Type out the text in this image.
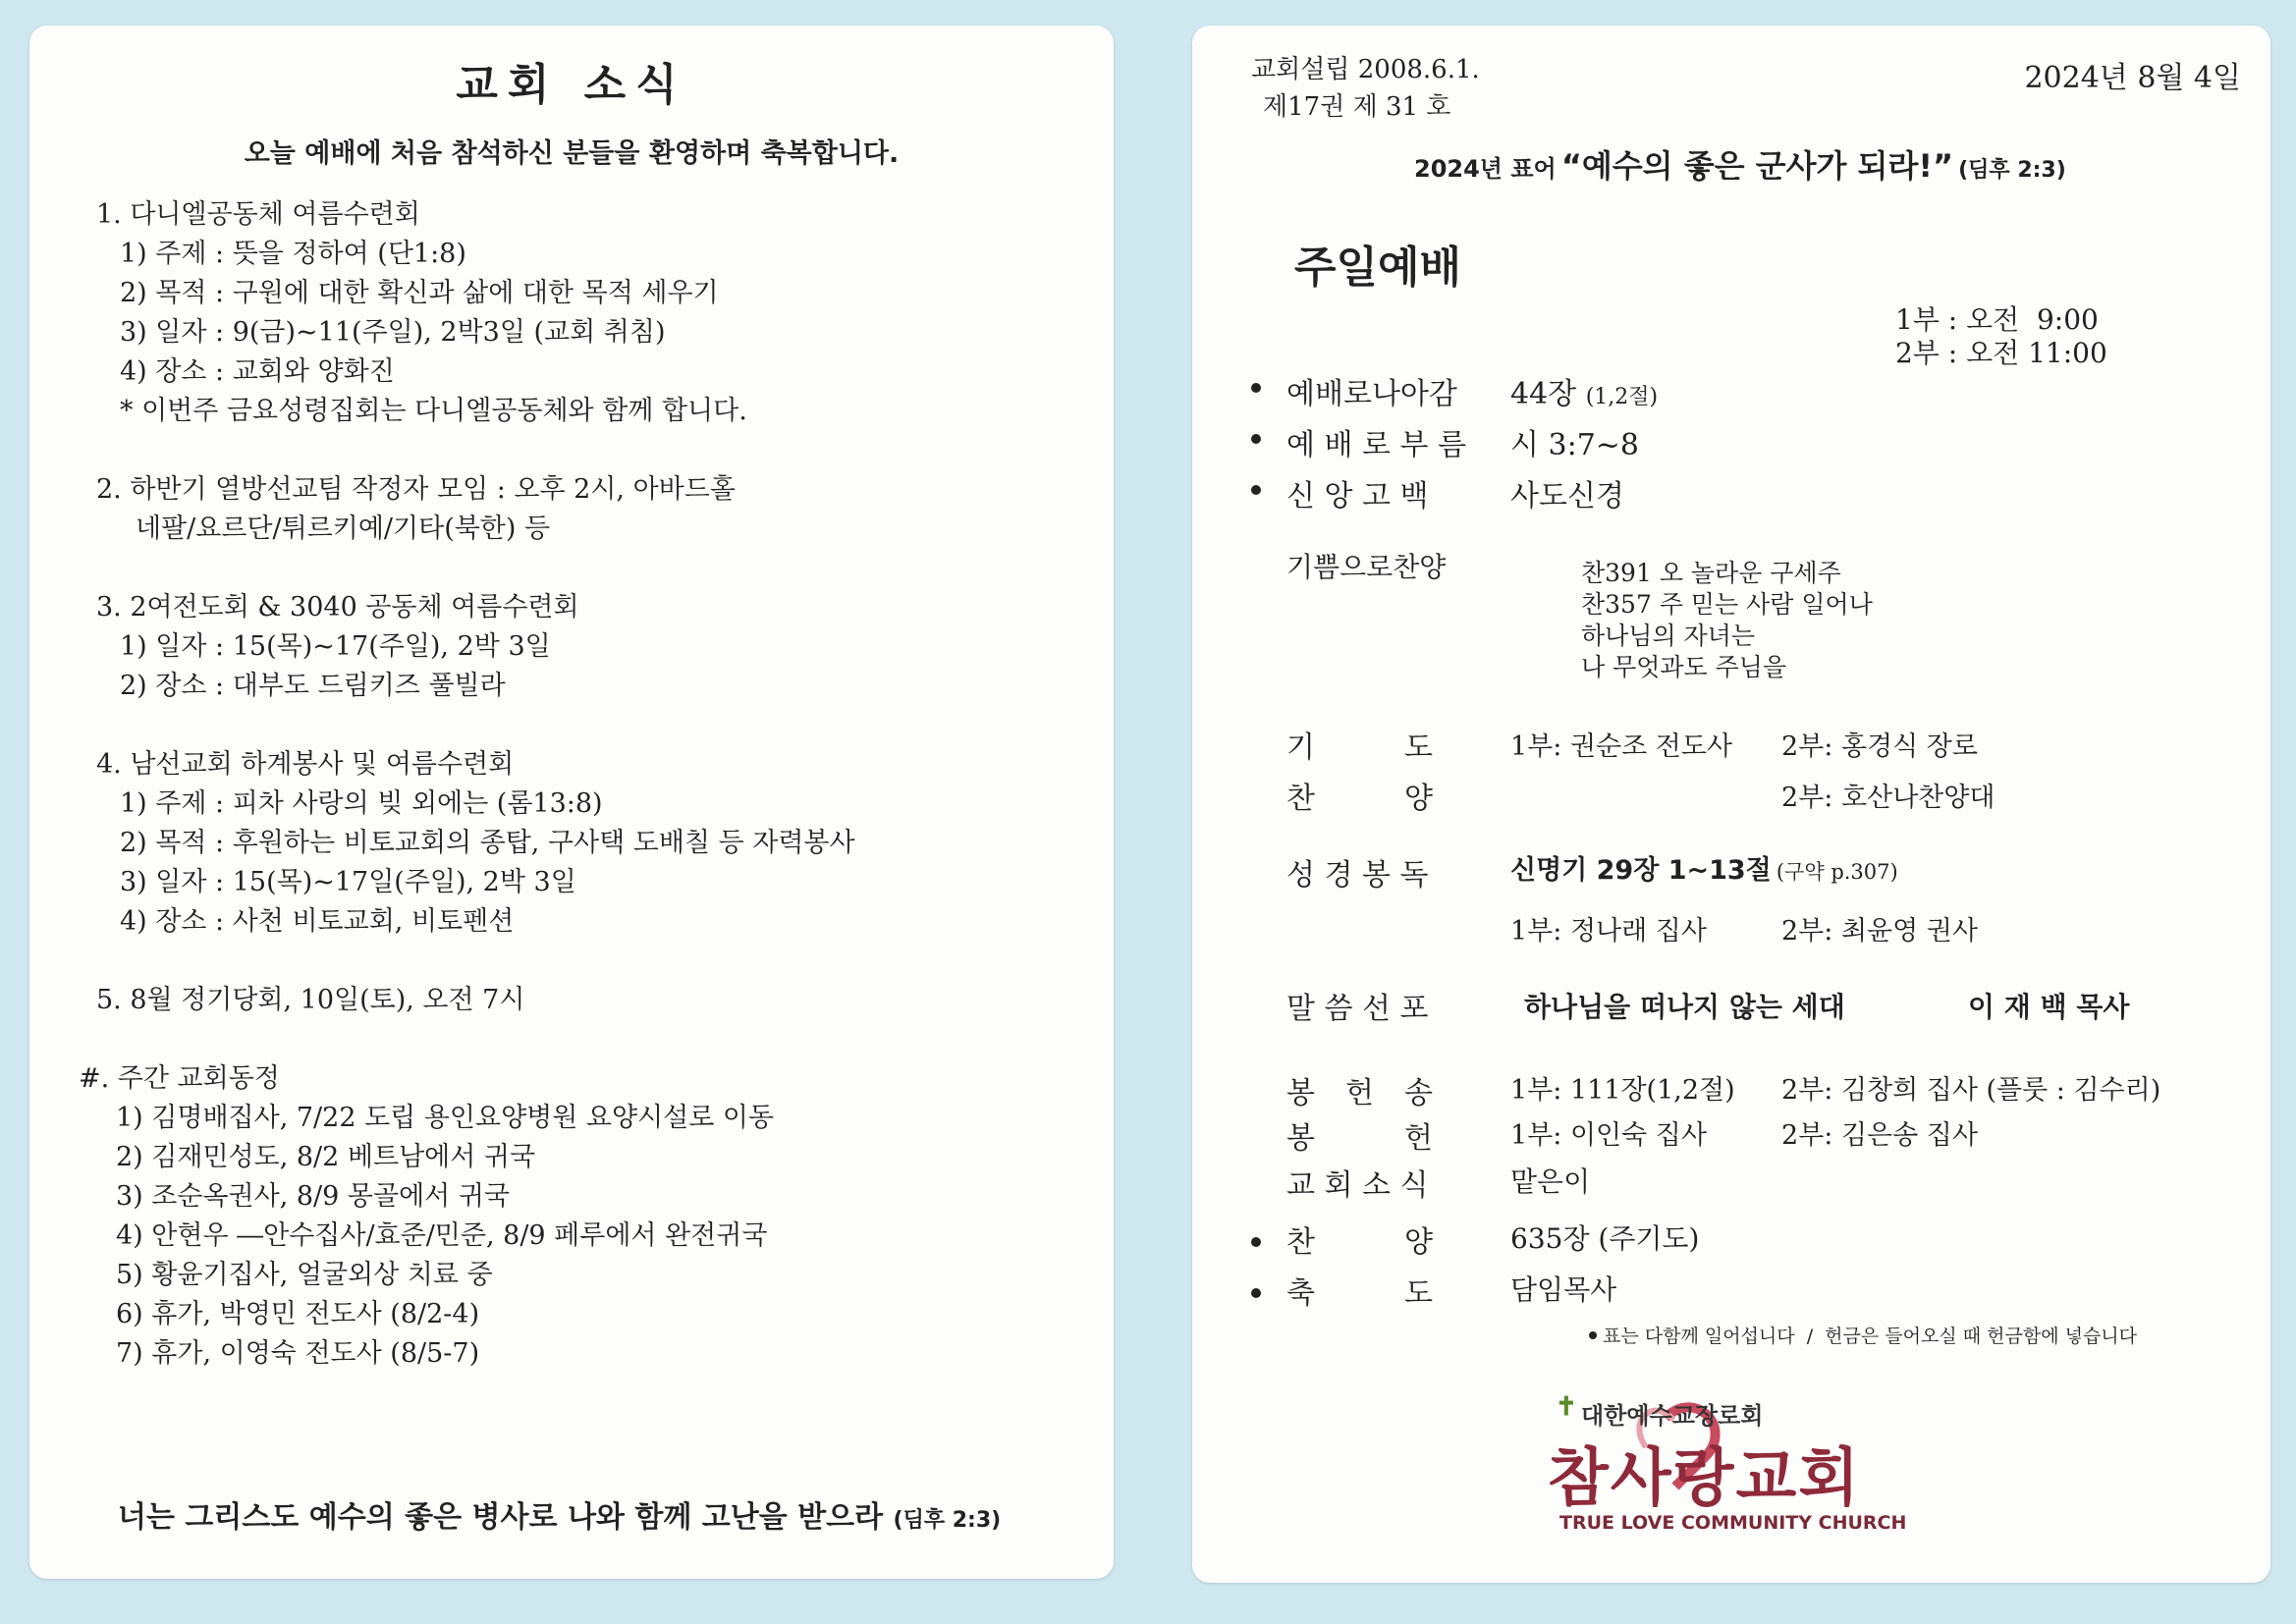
교회 소식
오늘 예배에 처음 참석하신 분들을 환영하며 축복합니다.
1. 다니엘공동체 여름수련회
1) 주제 : 뜻을 정하여 (단1:8)
2) 목적 : 구원에 대한 확신과 삶에 대한 목적 세우기
3) 일자 : 9(금)~11(주일), 2박3일 (교회 취침)
4) 장소 : 교회와 양화진
* 이번주 금요성령집회는 다니엘공동체와 함께 합니다.
2. 하반기 열방선교팀 작정자 모임 : 오후 2시, 아바드홀
네팔/요르단/튀르키예/기타(북한) 등
3. 2여전도회 & 3040 공동체 여름수련회
1) 일자 : 15(목)~17(주일), 2박 3일
2) 장소 : 대부도 드림키즈 풀빌라
4. 남선교회 하계봉사 및 여름수련회
1) 주제 : 피차 사랑의 빚 외에는 (롬13:8)
2) 목적 : 후원하는 비토교회의 종탑, 구사택 도배칠 등 자력봉사
3) 일자 : 15(목)~17일(주일), 2박 3일
4) 장소 : 사천 비토교회, 비토펜션
5. 8월 정기당회, 10일(토), 오전 7시
#. 주간 교회동정
1) 김명배집사, 7/22 도립 용인요양병원 요양시설로 이동
2) 김재민성도, 8/2 베트남에서 귀국
3) 조순옥권사, 8/9 몽골에서 귀국
4) 안현우 ―안수집사/효준/민준, 8/9 페루에서 완전귀국
5) 황윤기집사, 얼굴외상 치료 중
6) 휴가, 박영민 전도사 (8/2-4)
7) 휴가, 이영숙 전도사 (8/5-7)
너는 그리스도 예수의 좋은 병사로 나와 함께 고난을 받으라 (딤후 2:3)
교회설립 2008.6.1.
제17권 제 31 호
2024년 8월 4일
2024년 표어 “예수의 좋은 군사가 되라!” (딤후 2:3)
주일예배
1부 : 오전  9:00
2부 : 오전 11:00
예배로나아감 44장 (1,2절)
예 배 로 부 름 시 3:7~8
신 앙 고 백	사도신경
기쁨으로찬양	찬391 오 놀라운 구세주
찬357 주 믿는 사람 일어나
하나님의 자녀는
나 무엇과도 주님을
기	도	1부: 권순조 전도사 2부: 홍경식 장로
찬	양	2부: 호산나찬양대
성 경 봉 독	신명기 29장 1~13절 (구약 p.307)
1부: 정나래 집사	2부: 최윤영 권사
말 씀 선 포	하나님을 떠나지 않는 세대	이 재 백 목사
봉 헌 송	1부: 111장(1,2절) 2부: 김창희 집사 (플룻 : 김수리)
봉	헌	1부: 이인숙 집사	2부: 김은송 집사
교 회 소 식	맡은이
찬	양	635장 (주기도)
축	도	담임목사
표는 다함께 일어섭니다  /  헌금은 들어오실 때 헌금함에 넣습니다
✝ 대한예수교장로회
참사랑교회
TRUE LOVE COMMUNITY CHURCH
